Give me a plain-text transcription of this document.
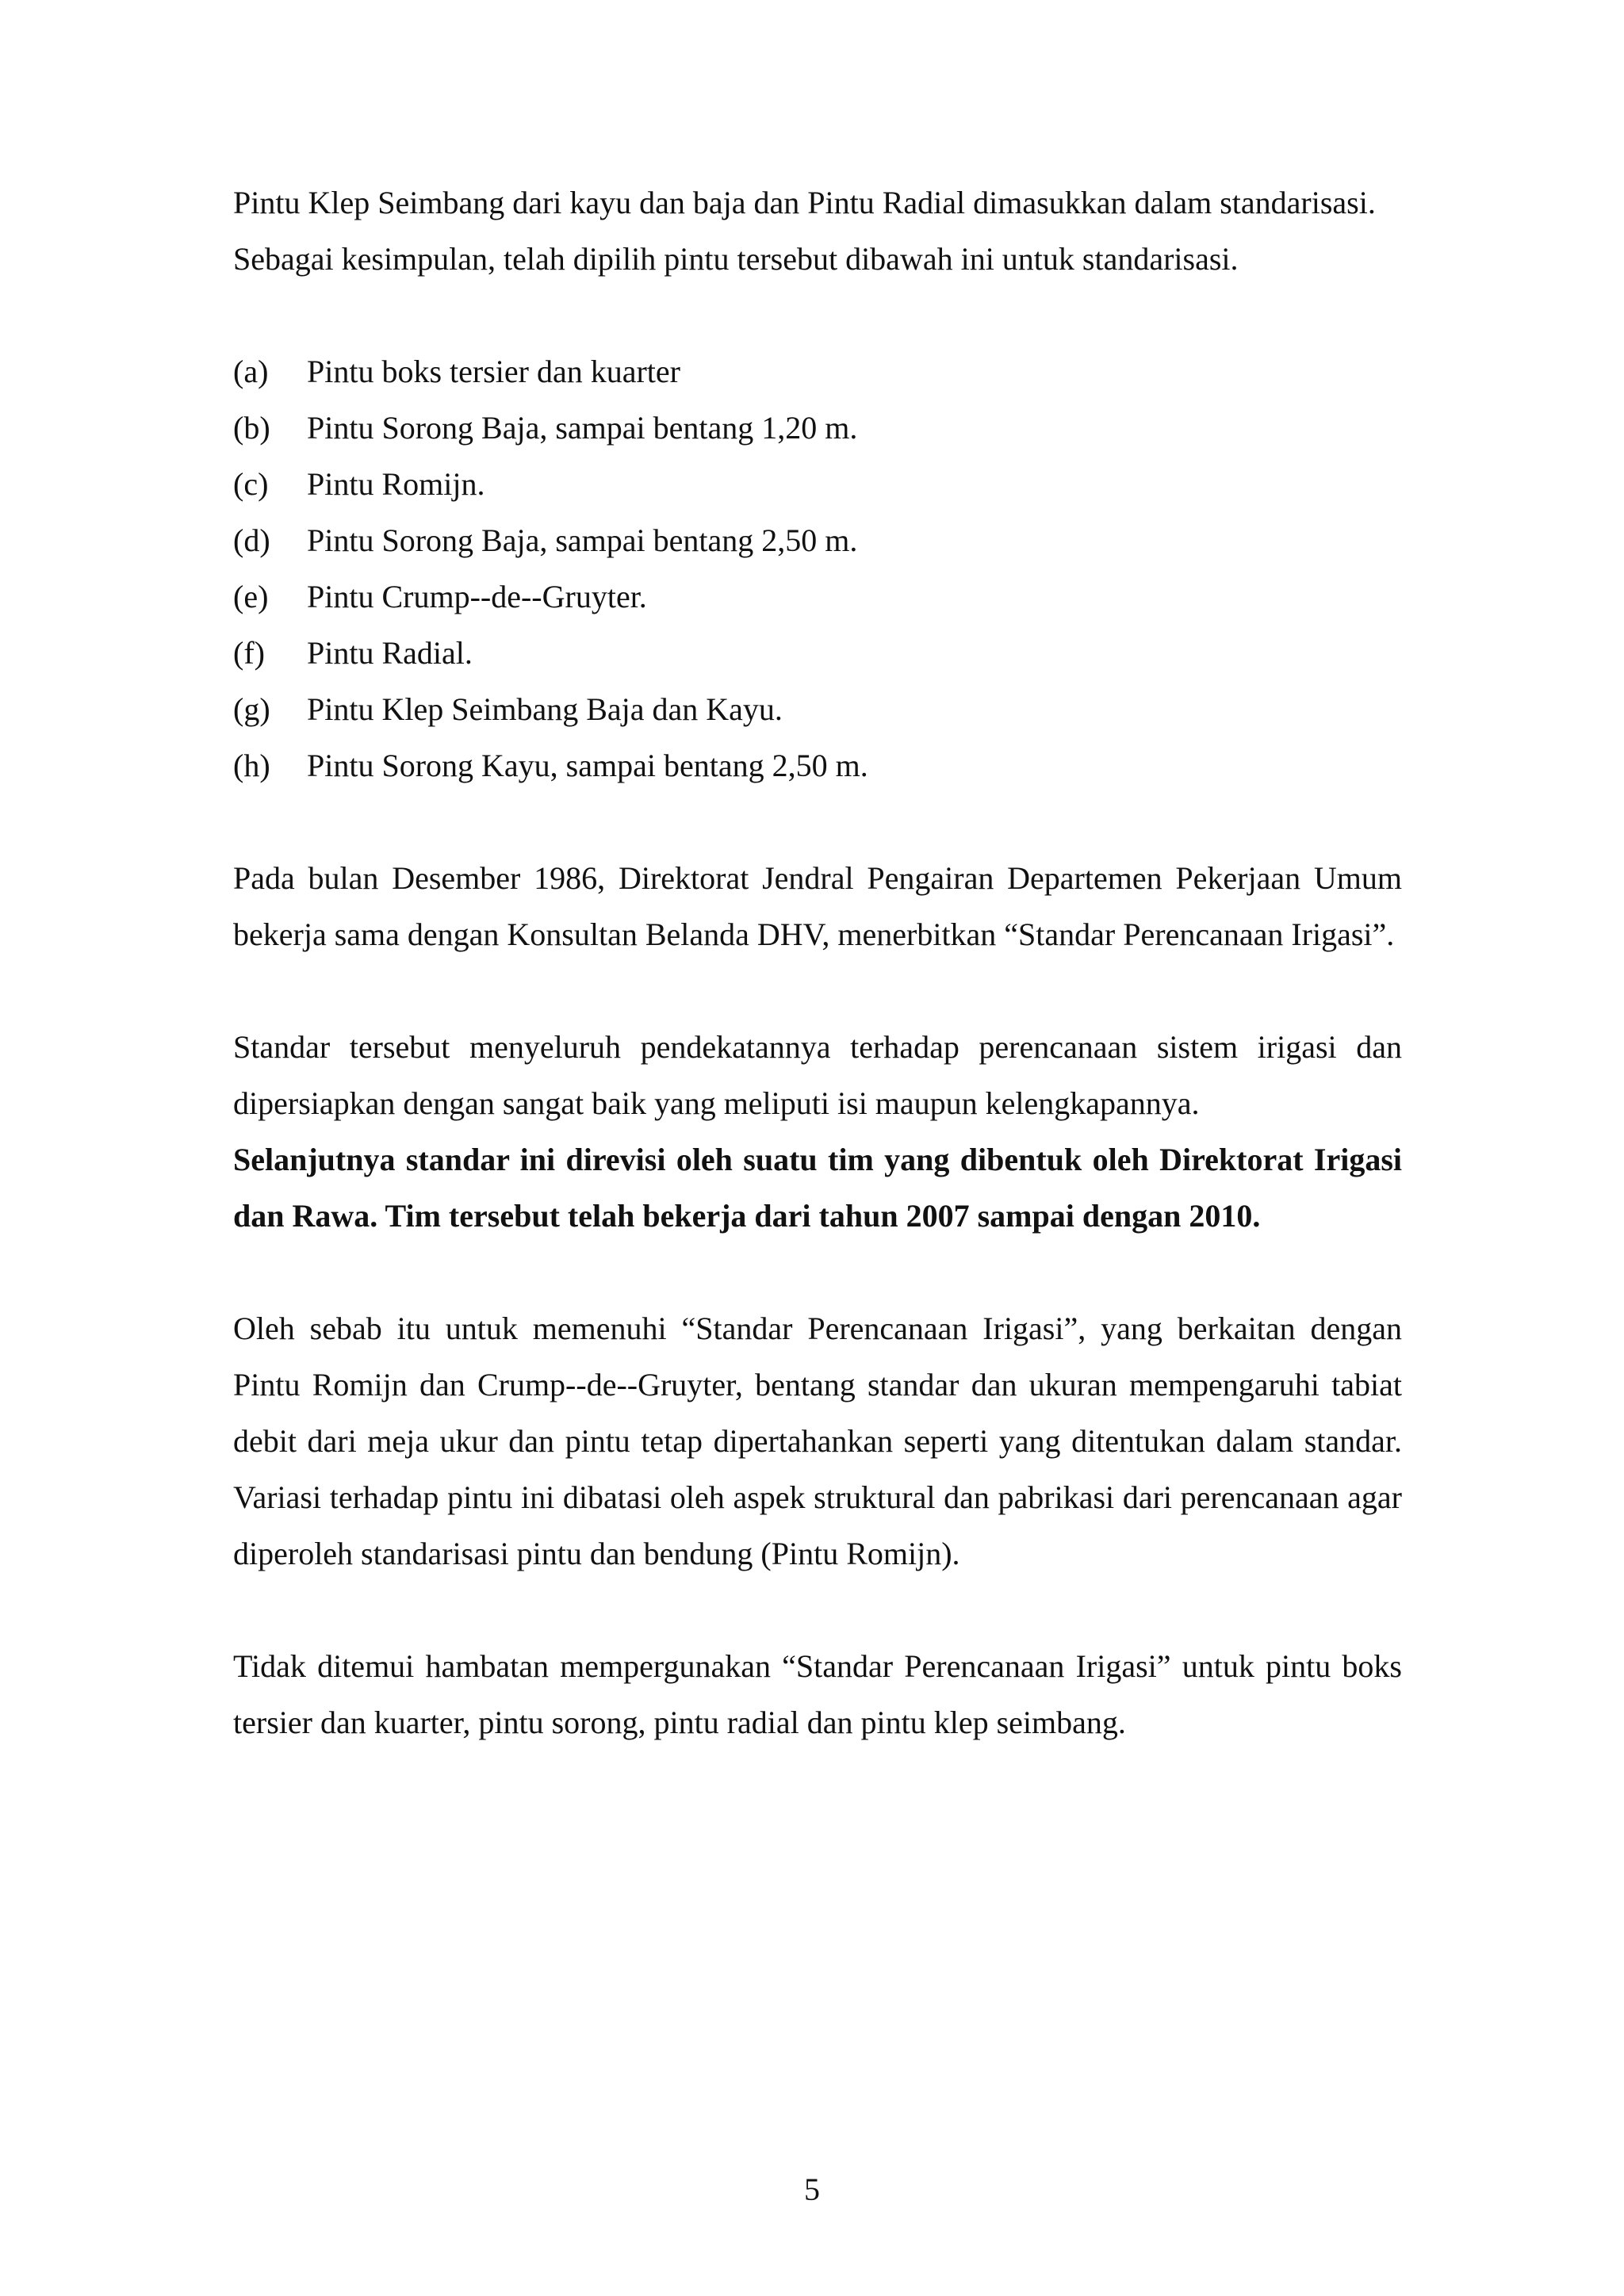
Pintu Klep Seimbang dari kayu dan baja dan Pintu Radial dimasukkan dalam standarisasi.

Sebagai kesimpulan, telah dipilih pintu tersebut dibawah ini untuk standarisasi.

(a)	Pintu boks tersier dan kuarter
(b)	Pintu Sorong Baja, sampai bentang 1,20 m.
(c)	Pintu Romijn.
(d)	Pintu Sorong Baja, sampai bentang 2,50 m.
(e)	Pintu Crump--de--Gruyter.
(f)	Pintu Radial.
(g)	Pintu Klep Seimbang Baja dan Kayu.
(h)	Pintu Sorong Kayu, sampai bentang 2,50 m.

Pada bulan Desember 1986, Direktorat Jendral Pengairan Departemen Pekerjaan Umum bekerja sama dengan Konsultan Belanda DHV, menerbitkan “Standar Perencanaan Irigasi”.

Standar tersebut menyeluruh pendekatannya terhadap perencanaan sistem irigasi dan dipersiapkan dengan sangat baik yang meliputi isi maupun kelengkapannya.

Selanjutnya standar ini direvisi oleh suatu tim yang dibentuk oleh Direktorat Irigasi dan Rawa. Tim tersebut telah bekerja dari tahun 2007 sampai dengan 2010.

Oleh sebab itu untuk memenuhi “Standar Perencanaan Irigasi”, yang berkaitan dengan Pintu Romijn dan Crump--de--Gruyter, bentang standar dan ukuran mempengaruhi tabiat debit dari meja ukur dan pintu tetap dipertahankan seperti yang ditentukan dalam standar. Variasi terhadap pintu ini dibatasi oleh aspek struktural dan pabrikasi dari perencanaan agar diperoleh standarisasi pintu dan bendung (Pintu Romijn).

Tidak ditemui hambatan mempergunakan “Standar Perencanaan Irigasi” untuk pintu boks tersier dan kuarter, pintu sorong, pintu radial dan pintu klep seimbang.

5
